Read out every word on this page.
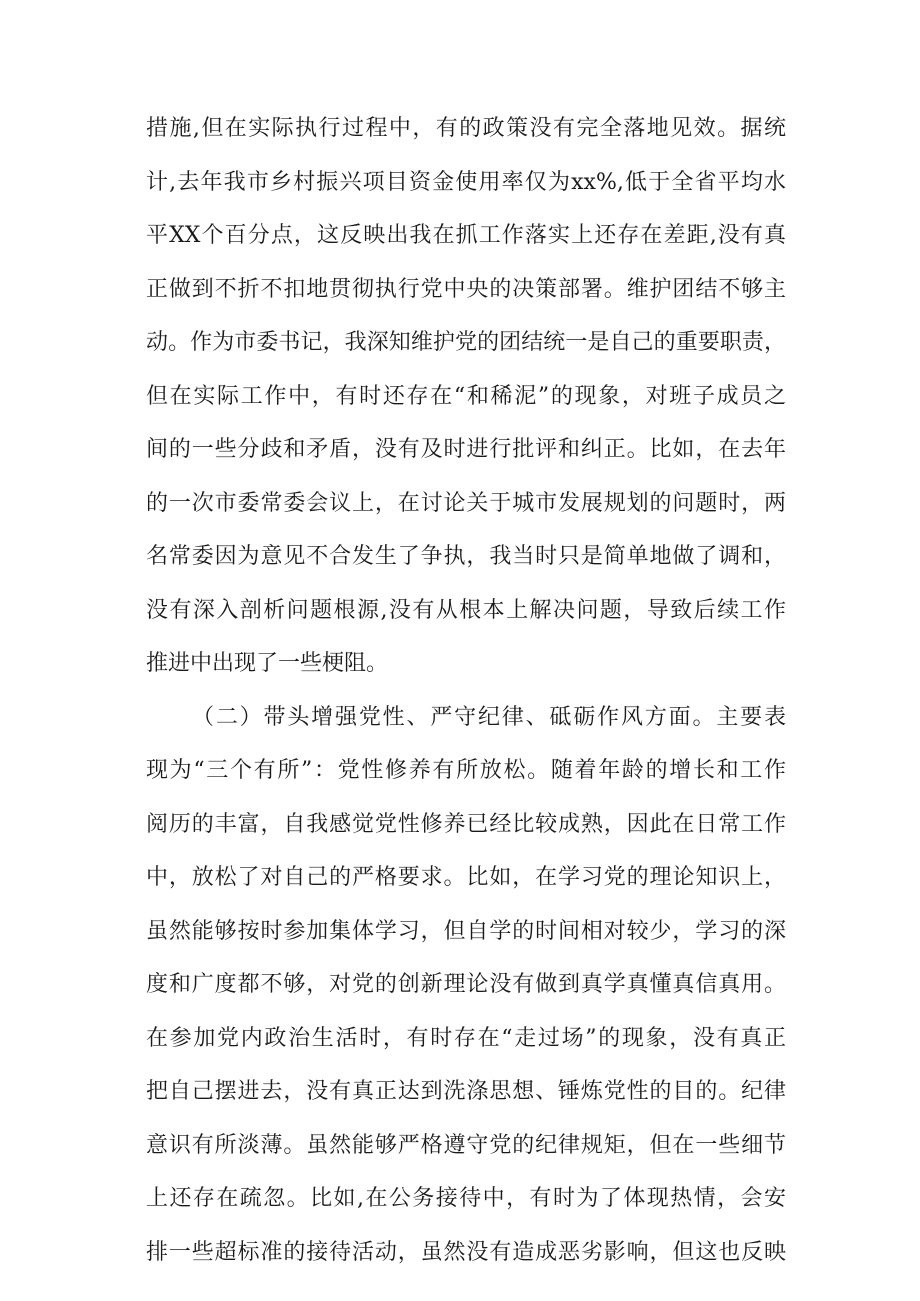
措施,但在实际执行过程中，有的政策没有完全落地见效。据统
计,去年我市乡村振兴项目资金使用率仅为xx%,低于全省平均水
平XX个百分点，这反映出我在抓工作落实上还存在差距,没有真
正做到不折不扣地贯彻执行党中央的决策部署。维护团结不够主
动。作为市委书记，我深知维护党的团结统一是自己的重要职责，
但在实际工作中，有时还存在“和稀泥”的现象，对班子成员之
间的一些分歧和矛盾，没有及时进行批评和纠正。比如，在去年
的一次市委常委会议上，在讨论关于城市发展规划的问题时，两
名常委因为意见不合发生了争执，我当时只是简单地做了调和，
没有深入剖析问题根源,没有从根本上解决问题，导致后续工作
推进中出现了一些梗阻。
（二）带头增强党性、严守纪律、砥砺作风方面。主要表
现为“三个有所”：党性修养有所放松。随着年龄的增长和工作
阅历的丰富，自我感觉党性修养已经比较成熟，因此在日常工作
中，放松了对自己的严格要求。比如，在学习党的理论知识上，
虽然能够按时参加集体学习，但自学的时间相对较少，学习的深
度和广度都不够，对党的创新理论没有做到真学真懂真信真用。
在参加党内政治生活时，有时存在“走过场”的现象，没有真正
把自己摆进去，没有真正达到洗涤思想、锤炼党性的目的。纪律
意识有所淡薄。虽然能够严格遵守党的纪律规矩，但在一些细节
上还存在疏忽。比如,在公务接待中，有时为了体现热情，会安
排一些超标准的接待活动，虽然没有造成恶劣影响，但这也反映
